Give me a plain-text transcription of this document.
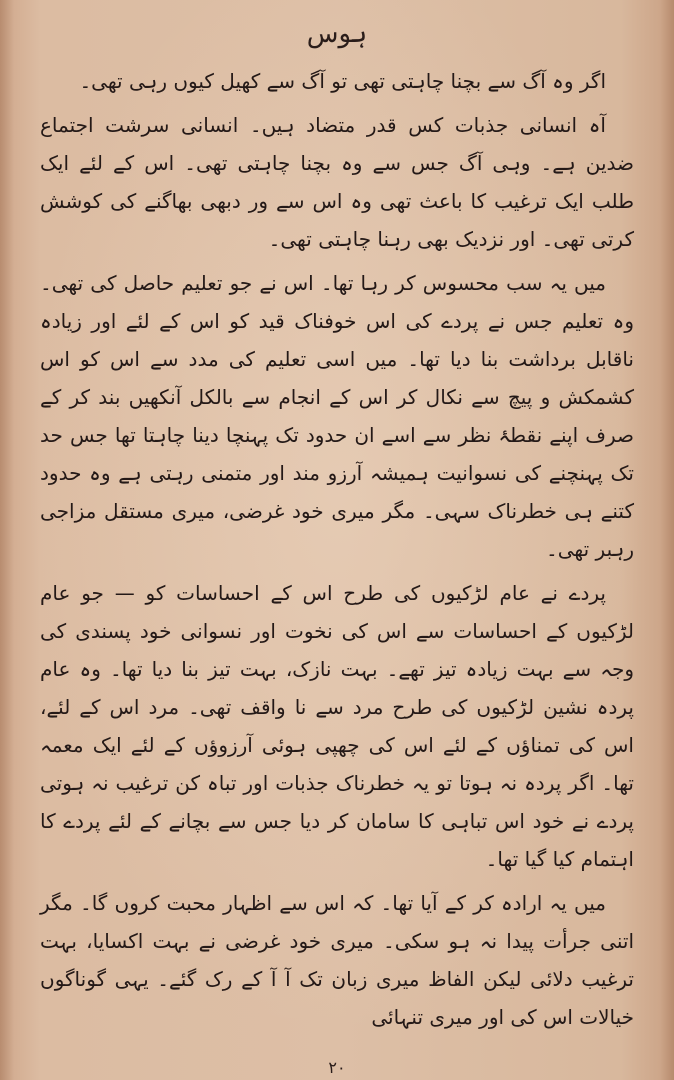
ہوس

اگر وہ آگ سے بچنا چاہتی تھی تو آگ سے کھیل کیوں رہی تھی۔

آہ انسانی جذبات کس قدر متضاد ہیں۔ انسانی سرشت اجتماع ضدین ہے۔ وہی آگ جس سے وہ بچنا چاہتی تھی۔ اس کے لئے ایک طلب ایک ترغیب کا باعث تھی وہ اس سے ور دبھی بھاگنے کی کوشش کرتی تھی۔ اور نزدیک بھی رہنا چاہتی تھی۔

میں یہ سب محسوس کر رہا تھا۔ اس نے جو تعلیم حاصل کی تھی۔ وہ تعلیم جس نے پردے کی اس خوفناک قید کو اس کے لئے اور زیادہ ناقابل برداشت بنا دیا تھا۔ میں اسی تعلیم کی مدد سے اس کو اس کشمکش و پیچ سے نکال کر اس کے انجام سے بالکل آنکھیں بند کر کے صرف اپنے نقطۂ نظر سے اسے ان حدود تک پہنچا دینا چاہتا تھا جس حد تک پہنچنے کی نسوانیت ہمیشہ آرزو مند اور متمنی رہتی ہے وہ حدود کتنے ہی خطرناک سہی۔ مگر میری خود غرضی، میری مستقل مزاجی رہبر تھی۔

پردے نے عام لڑکیوں کی طرح اس کے احساسات کو — جو عام لڑکیوں کے احساسات سے اس کی نخوت اور نسوانی خود پسندی کی وجہ سے بہت زیادہ تیز تھے۔ بہت نازک، بہت تیز بنا دیا تھا۔ وہ عام پردہ نشین لڑکیوں کی طرح مرد سے نا واقف تھی۔ مرد اس کے لئے، اس کی تمناؤں کے لئے اس کی چھپی ہوئی آرزوؤں کے لئے ایک معمہ تھا۔ اگر پردہ نہ ہوتا تو یہ خطرناک جذبات اور تباہ کن ترغیب نہ ہوتی پردے نے خود اس تباہی کا سامان کر دیا جس سے بچانے کے لئے پردے کا اہتمام کیا گیا تھا۔

میں یہ ارادہ کر کے آیا تھا۔ کہ اس سے اظہار محبت کروں گا۔ مگر اتنی جرأت پیدا نہ ہو سکی۔ میری خود غرضی نے بہت اکسایا، بہت ترغیب دلائی لیکن الفاظ میری زبان تک آ آ کے رک گئے۔ یہی گوناگوں خیالات اس کی اور میری تنہائی

۲۰
